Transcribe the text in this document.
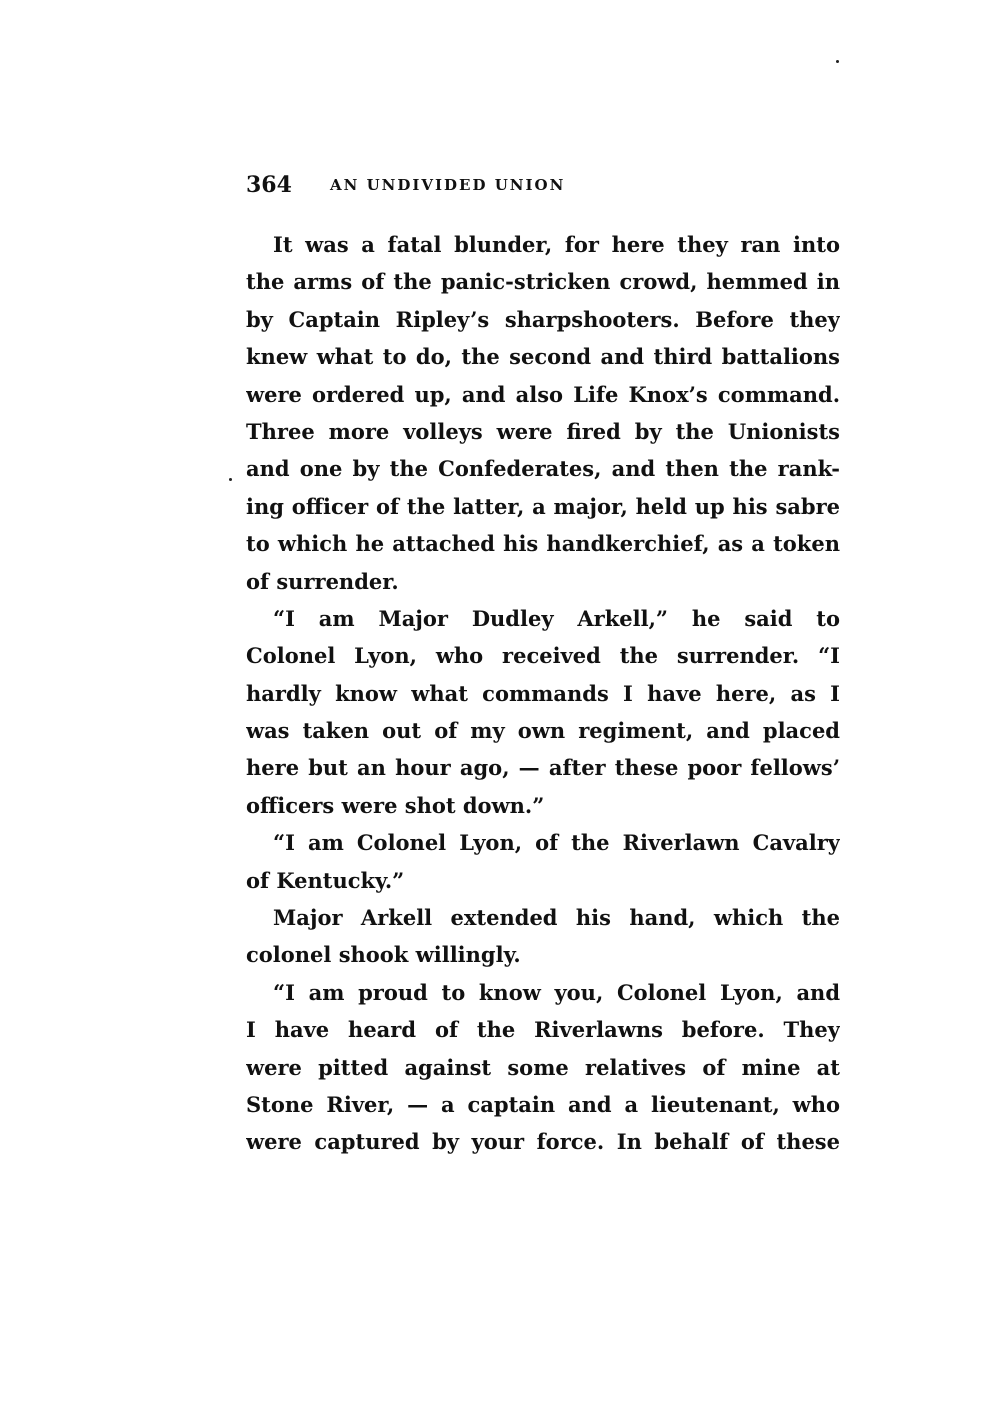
364	AN UNDIVIDED UNION
It was a fatal blunder, for here they ran into
the arms of the panic-stricken crowd, hemmed in
by Captain Ripley’s sharpshooters. Before they
knew what to do, the second and third battalions
were ordered up, and also Life Knox’s command.
Three more volleys were fired by the Unionists
and one by the Confederates, and then the rank-
ing officer of the latter, a major, held up his sabre
to which he attached his handkerchief, as a token
of surrender.
“I am Major Dudley Arkell,” he said to
Colonel Lyon, who received the surrender. “I
hardly know what commands I have here, as I
was taken out of my own regiment, and placed
here but an hour ago, — after these poor fellows’
officers were shot down.”
“I am Colonel Lyon, of the Riverlawn Cavalry
of Kentucky.”
Major Arkell extended his hand, which the
colonel shook willingly.
“I am proud to know you, Colonel Lyon, and
I have heard of the Riverlawns before. They
were pitted against some relatives of mine at
Stone River, — a captain and a lieutenant, who
were captured by your force. In behalf of these
